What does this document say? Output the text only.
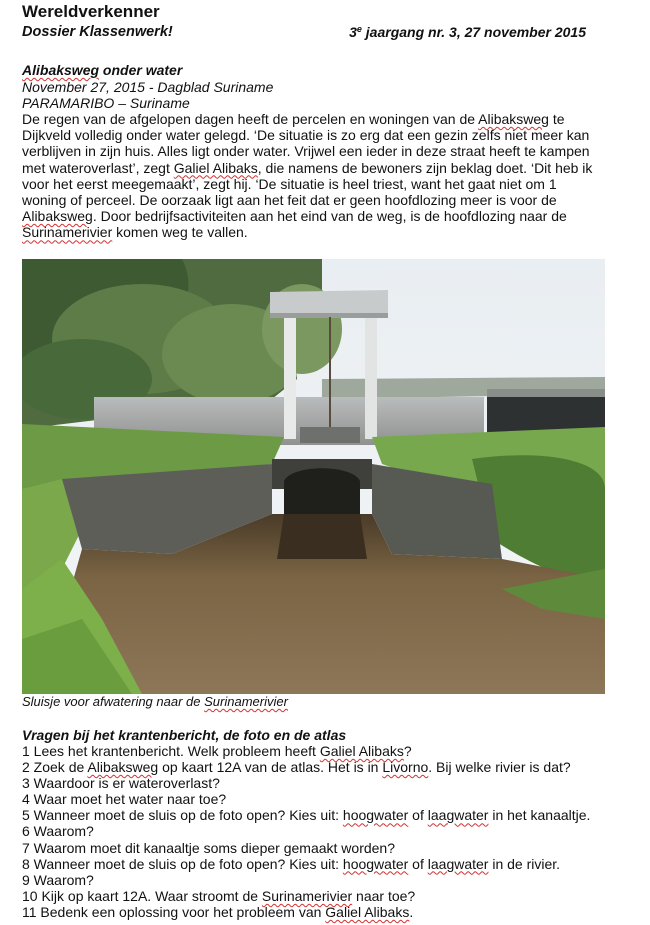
Wereldverkenner
Dossier Klassenwerk!	3e jaargang nr. 3, 27 november 2015
Alibaksweg onder water
November 27, 2015 - Dagblad Suriname
PARAMARIBO – Suriname
De regen van de afgelopen dagen heeft de percelen en woningen van de Alibaksweg te
Dijkveld volledig onder water gelegd. ‘De situatie is zo erg dat een gezin zelfs niet meer kan
verblijven in zijn huis. Alles ligt onder water. Vrijwel een ieder in deze straat heeft te kampen
met wateroverlast’, zegt Galiel Alibaks, die namens de bewoners zijn beklag doet. ‘Dit heb ik
voor het eerst meegemaakt’, zegt hij. ‘De situatie is heel triest, want het gaat niet om 1
woning of perceel. De oorzaak ligt aan het feit dat er geen hoofdlozing meer is voor de
Alibaksweg. Door bedrijfsactiviteiten aan het eind van de weg, is de hoofdlozing naar de
Surinamerivier komen weg te vallen.
Sluisje voor afwatering naar de Surinamerivier
Vragen bij het krantenbericht, de foto en de atlas
1 Lees het krantenbericht. Welk probleem heeft Galiel Alibaks?
2 Zoek de Alibaksweg op kaart 12A van de atlas. Het is in Livorno. Bij welke rivier is dat?
3 Waardoor is er wateroverlast?
4 Waar moet het water naar toe?
5 Wanneer moet de sluis op de foto open? Kies uit: hoogwater of laagwater in het kanaaltje.
6 Waarom?
7 Waarom moet dit kanaaltje soms dieper gemaakt worden?
8 Wanneer moet de sluis op de foto open? Kies uit: hoogwater of laagwater in de rivier.
9 Waarom?
10 Kijk op kaart 12A. Waar stroomt de Surinamerivier naar toe?
11 Bedenk een oplossing voor het probleem van Galiel Alibaks.
